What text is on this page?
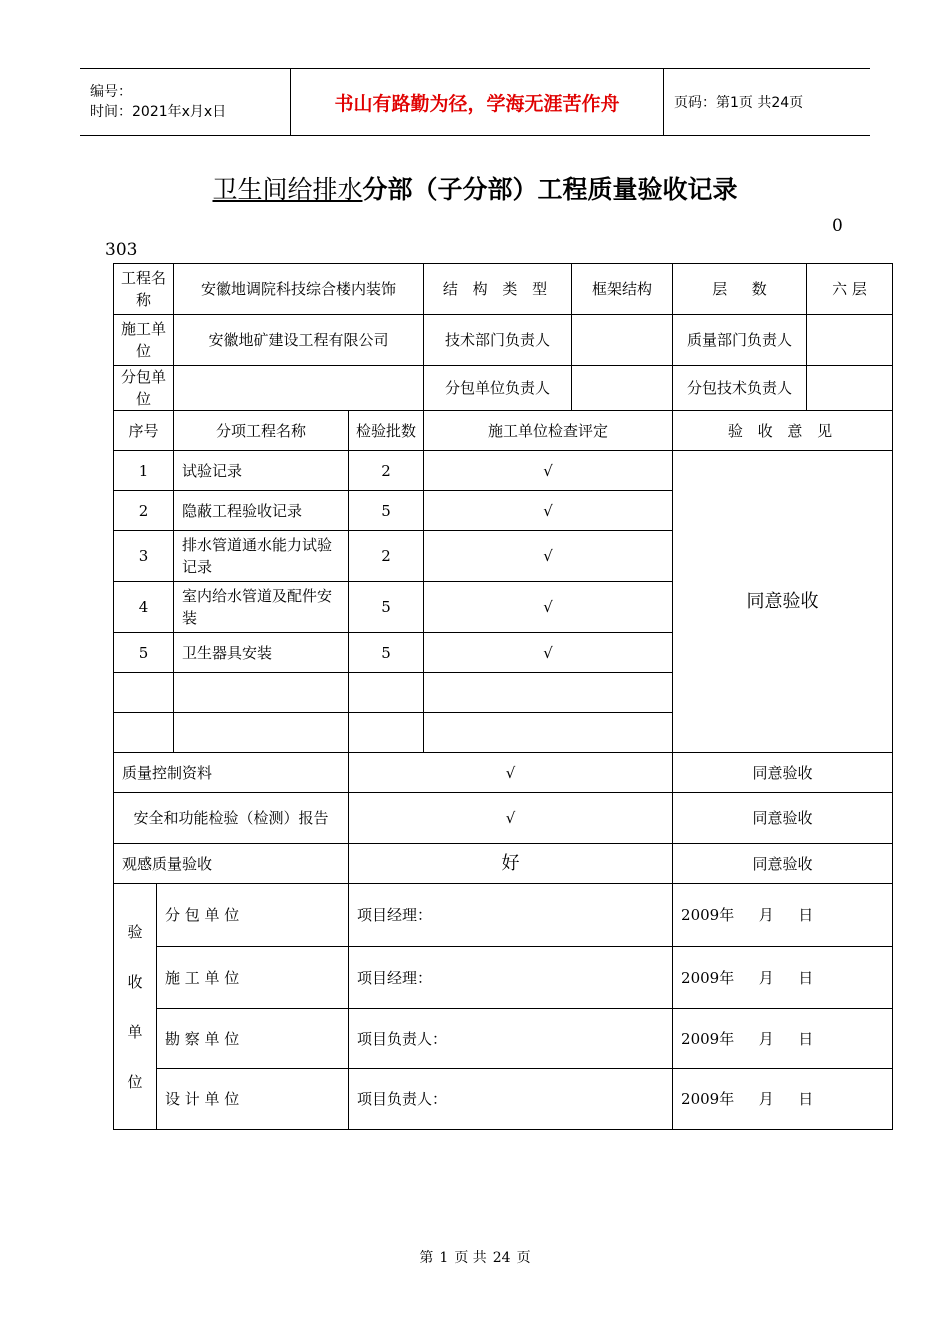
编号：
时间：2021年x月x日	书山有路勤为径，学海无涯苦作舟	页码：第1页 共24页
卫生间给排水分部（子分部）工程质量验收记录
0
303
工程名称		安徽地调院科技综合楼内装饰		结 构 类 型	框架结构	层 　 数	六 层
施工单位		安徽地矿建设工程有限公司		技术部门负责人		质量部门负责人	
分包单位				分包单位负责人		分包技术负责人	
序号		分项工程名称	检验批数	施工单位检查评定		验 收 意 见	
1		试验记录	2	√		同意验收	
2		隐蔽工程验收记录	5	√			
3		排水管道通水能力试验记录	2	√			
4		室内给水管道及配件安装	5	√			
5		卫生器具安装	5	√			

质量控制资料			√			同意验收	
安全和功能检验（检测）报告			√			同意验收	
观感质量验收			好			同意验收	

验
收
单
位	分 包 单 位		项目经理：			2009年  　月  　日	
	施 工 单 位		项目经理：			2009年  　月  　日	
	勘 察 单 位		项目负责人：			2009年  　月  　日	
	设 计 单 位		项目负责人：			2009年  　月  　日	
第 1 页 共 24 页
